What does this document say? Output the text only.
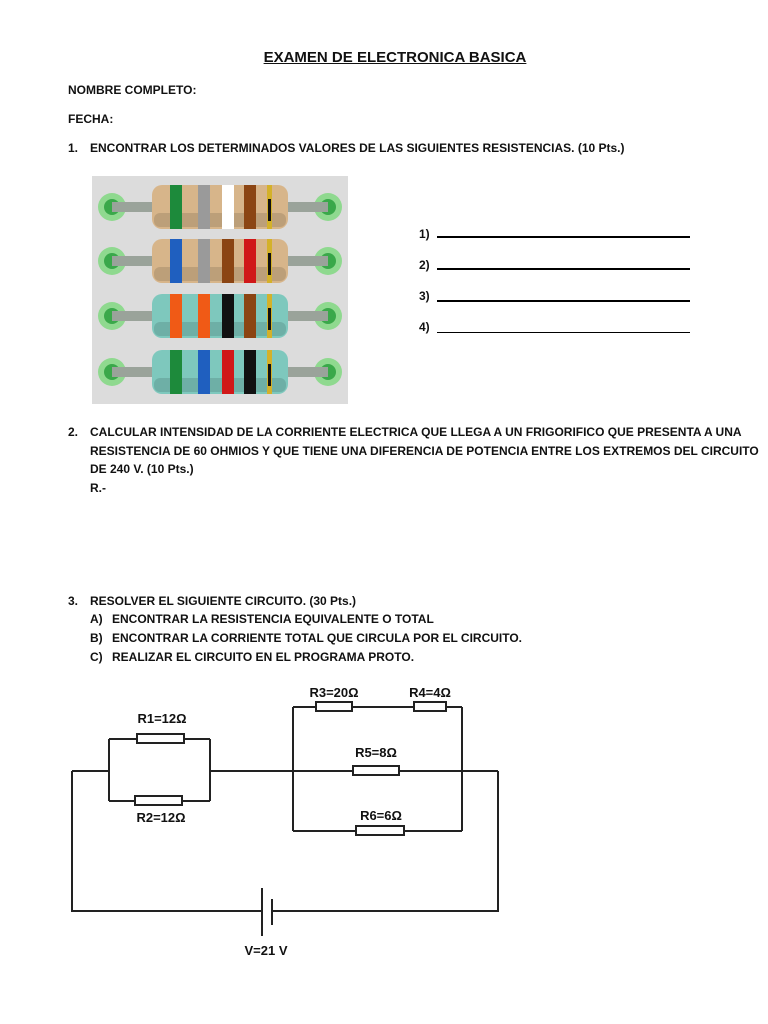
EXAMEN DE ELECTRONICA BASICA
NOMBRE COMPLETO:
FECHA:
1. ENCONTRAR LOS DETERMINADOS VALORES DE LAS SIGUIENTES RESISTENCIAS. (10 Pts.)
1)
2)
3)
4)
2. CALCULAR INTENSIDAD DE LA CORRIENTE ELECTRICA QUE LLEGA A UN FRIGORIFICO QUE PRESENTA A UNA
RESISTENCIA DE 60 OHMIOS Y QUE TIENE UNA DIFERENCIA DE POTENCIA ENTRE LOS EXTREMOS DEL CIRCUITO
DE 240 V. (10 Pts.)
R.-
3. RESOLVER EL SIGUIENTE CIRCUITO. (30 Pts.)
A) ENCONTRAR LA RESISTENCIA EQUIVALENTE O TOTAL
B) ENCONTRAR LA CORRIENTE TOTAL QUE CIRCULA POR EL CIRCUITO.
C) REALIZAR EL CIRCUITO EN EL PROGRAMA PROTO.
R1=12Ω
R2=12Ω
R3=20Ω	R4=4Ω
R5=8Ω
R6=6Ω
V=21 V
